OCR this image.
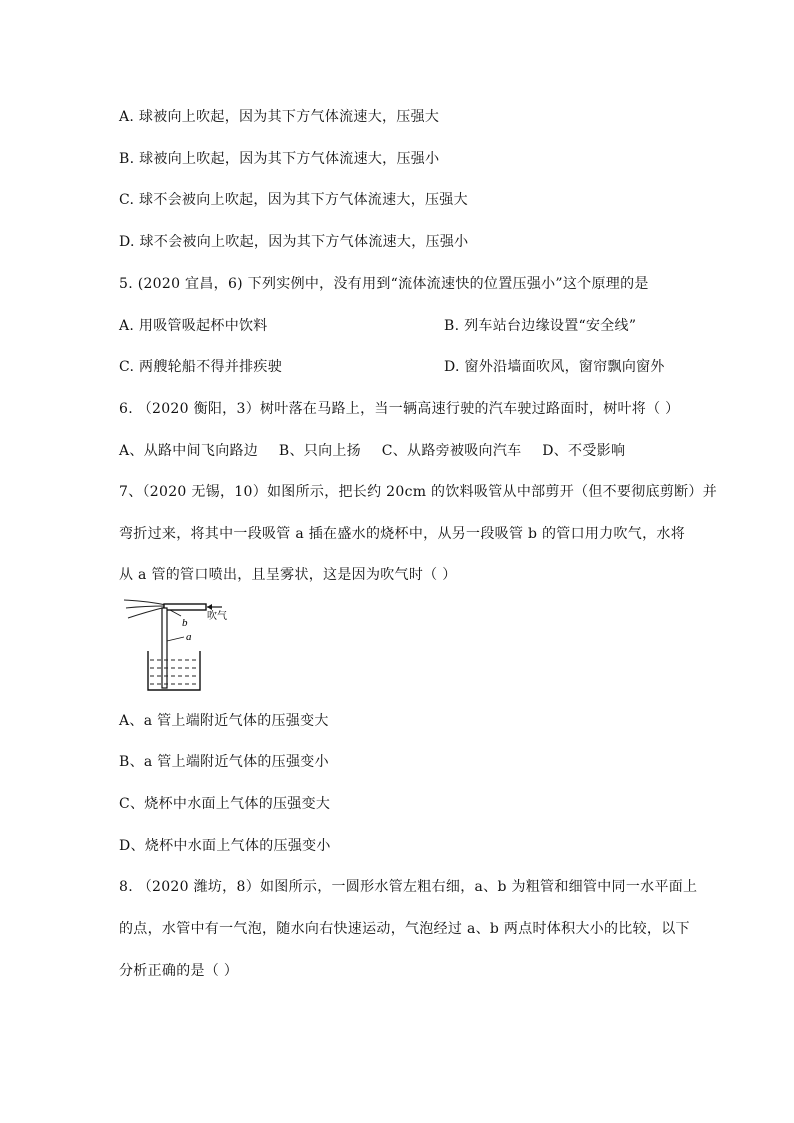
A. 球被向上吹起，因为其下方气体流速大，压强大
B. 球被向上吹起，因为其下方气体流速大，压强小
C. 球不会被向上吹起，因为其下方气体流速大，压强大
D. 球不会被向上吹起，因为其下方气体流速大，压强小
5. (2020 宜昌，6) 下列实例中，没有用到“流体流速快的位置压强小”这个原理的是
A. 用吸管吸起杯中饮料	B. 列车站台边缘设置“安全线”
C. 两艘轮船不得并排疾驶	D. 窗外沿墙面吹风，窗帘飘向窗外
6. （2020 衡阳，3）树叶落在马路上，当一辆高速行驶的汽车驶过路面时，树叶将（ ）
A、从路中间飞向路边 B、只向上扬 C、从路旁被吸向汽车 D、不受影响
7、（2020 无锡，10）如图所示，把长约 20cm 的饮料吸管从中部剪开（但不要彻底剪断）并
弯折过来，将其中一段吸管 a 插在盛水的烧杯中，从另一段吸管 b 的管口用力吹气，水将
从 a 管的管口喷出，且呈雾状，这是因为吹气时（ ）
b
a
吹气
A、a 管上端附近气体的压强变大
B、a 管上端附近气体的压强变小
C、烧杯中水面上气体的压强变大
D、烧杯中水面上气体的压强变小
8. （2020 潍坊，8）如图所示，一圆形水管左粗右细，a、b 为粗管和细管中同一水平面上
的点，水管中有一气泡，随水向右快速运动，气泡经过 a、b 两点时体积大小的比较，以下
分析正确的是（ ）
